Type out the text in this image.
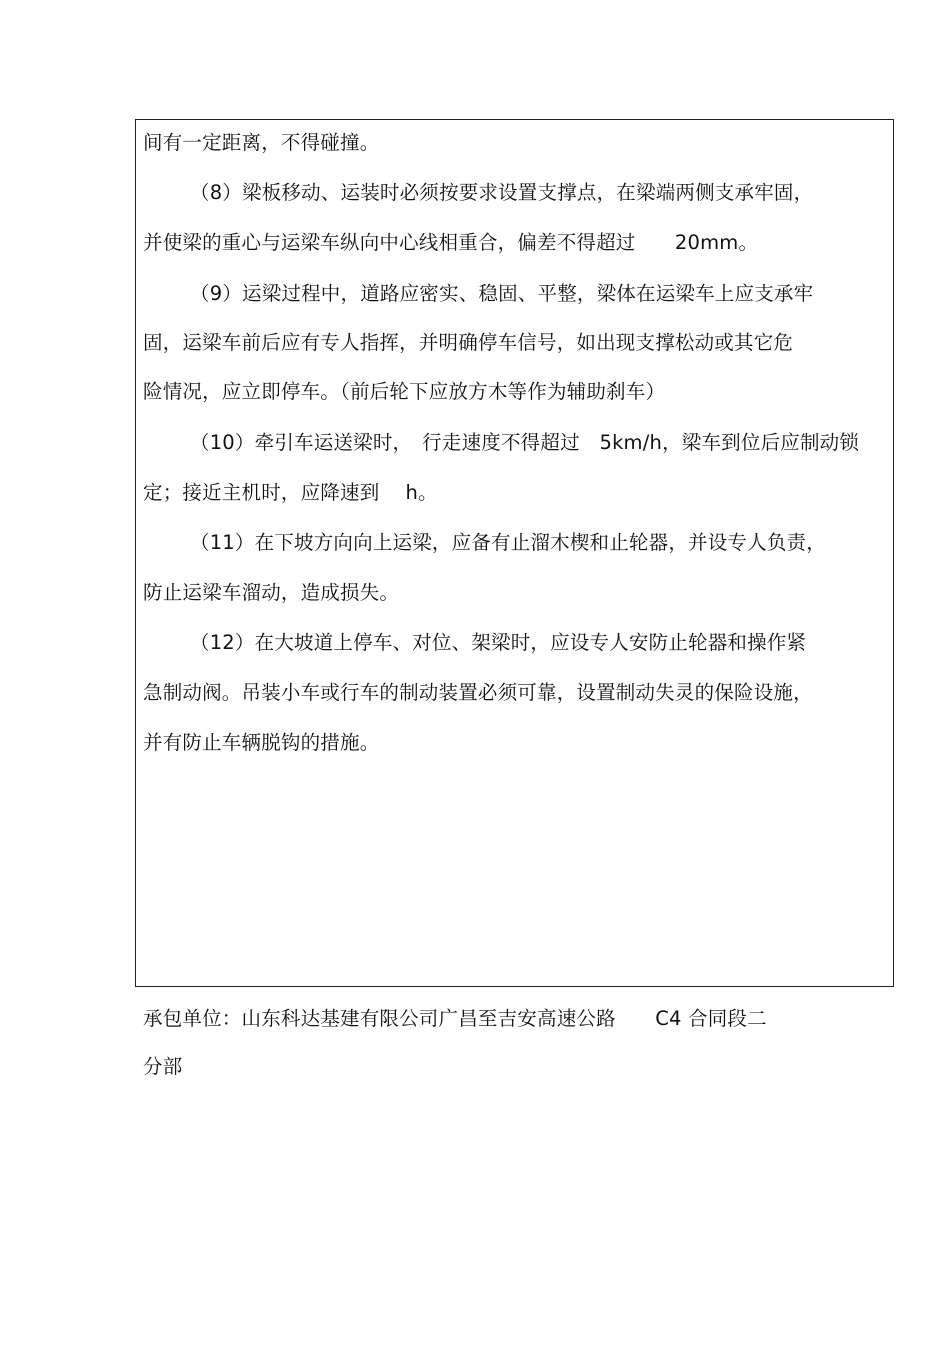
间有一定距离，不得碰撞。
（8）梁板移动、运装时必须按要求设置支撑点，在梁端两侧支承牢固，
并使梁的重心与运梁车纵向中心线相重合，偏差不得超过　　20mm。
（9）运梁过程中，道路应密实、稳固、平整，梁体在运梁车上应支承牢
固，运梁车前后应有专人指挥，并明确停车信号，如出现支撑松动或其它危
险情况，应立即停车。（前后轮下应放方木等作为辅助刹车）
（10）牵引车运送梁时，　行走速度不得超过　5km/h，梁车到位后应制动锁
定；接近主机时，应降速到　 h。
（11）在下坡方向向上运梁，应备有止溜木楔和止轮器，并设专人负责，
防止运梁车溜动，造成损失。
（12）在大坡道上停车、对位、架梁时，应设专人安防止轮器和操作紧
急制动阀。吊装小车或行车的制动装置必须可靠，设置制动失灵的保险设施，
并有防止车辆脱钩的措施。
承包单位：山东科达基建有限公司广昌至吉安高速公路　　C4 合同段二
分部
